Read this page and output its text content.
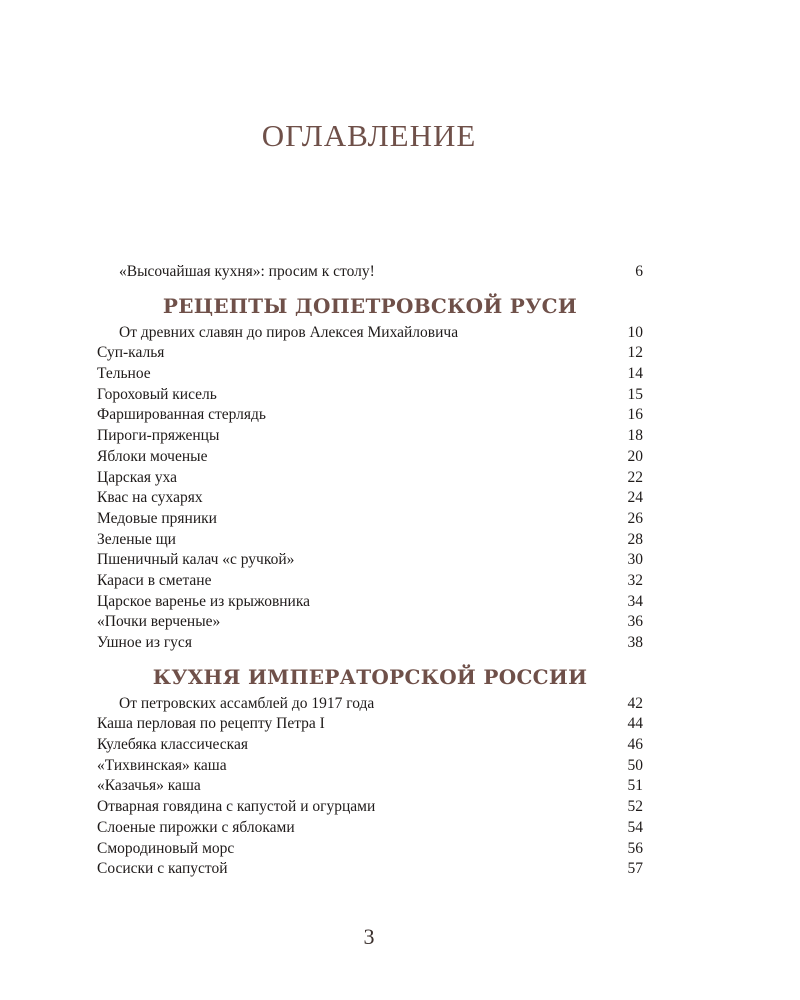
ОГЛАВЛЕНИЕ
«Высочайшая кухня»: просим к столу!	6
РЕЦЕПТЫ ДОПЕТРОВСКОЙ РУСИ
От древних славян до пиров Алексея Михайловича	10
Суп-калья	12
Тельное	14
Гороховый кисель	15
Фаршированная стерлядь	16
Пироги-пряженцы	18
Яблоки моченые	20
Царская уха	22
Квас на сухарях	24
Медовые пряники	26
Зеленые щи	28
Пшеничный калач «с ручкой»	30
Караси в сметане	32
Царское варенье из крыжовника	34
«Почки верченые»	36
Ушное из гуся	38
КУХНЯ ИМПЕРАТОРСКОЙ РОССИИ
От петровских ассамблей до 1917 года	42
Каша перловая по рецепту Петра I	44
Кулебяка классическая	46
«Тихвинская» каша	50
«Казачья» каша	51
Отварная говядина с капустой и огурцами	52
Слоеные пирожки с яблоками	54
Смородиновый морс	56
Сосиски с капустой	57
3
